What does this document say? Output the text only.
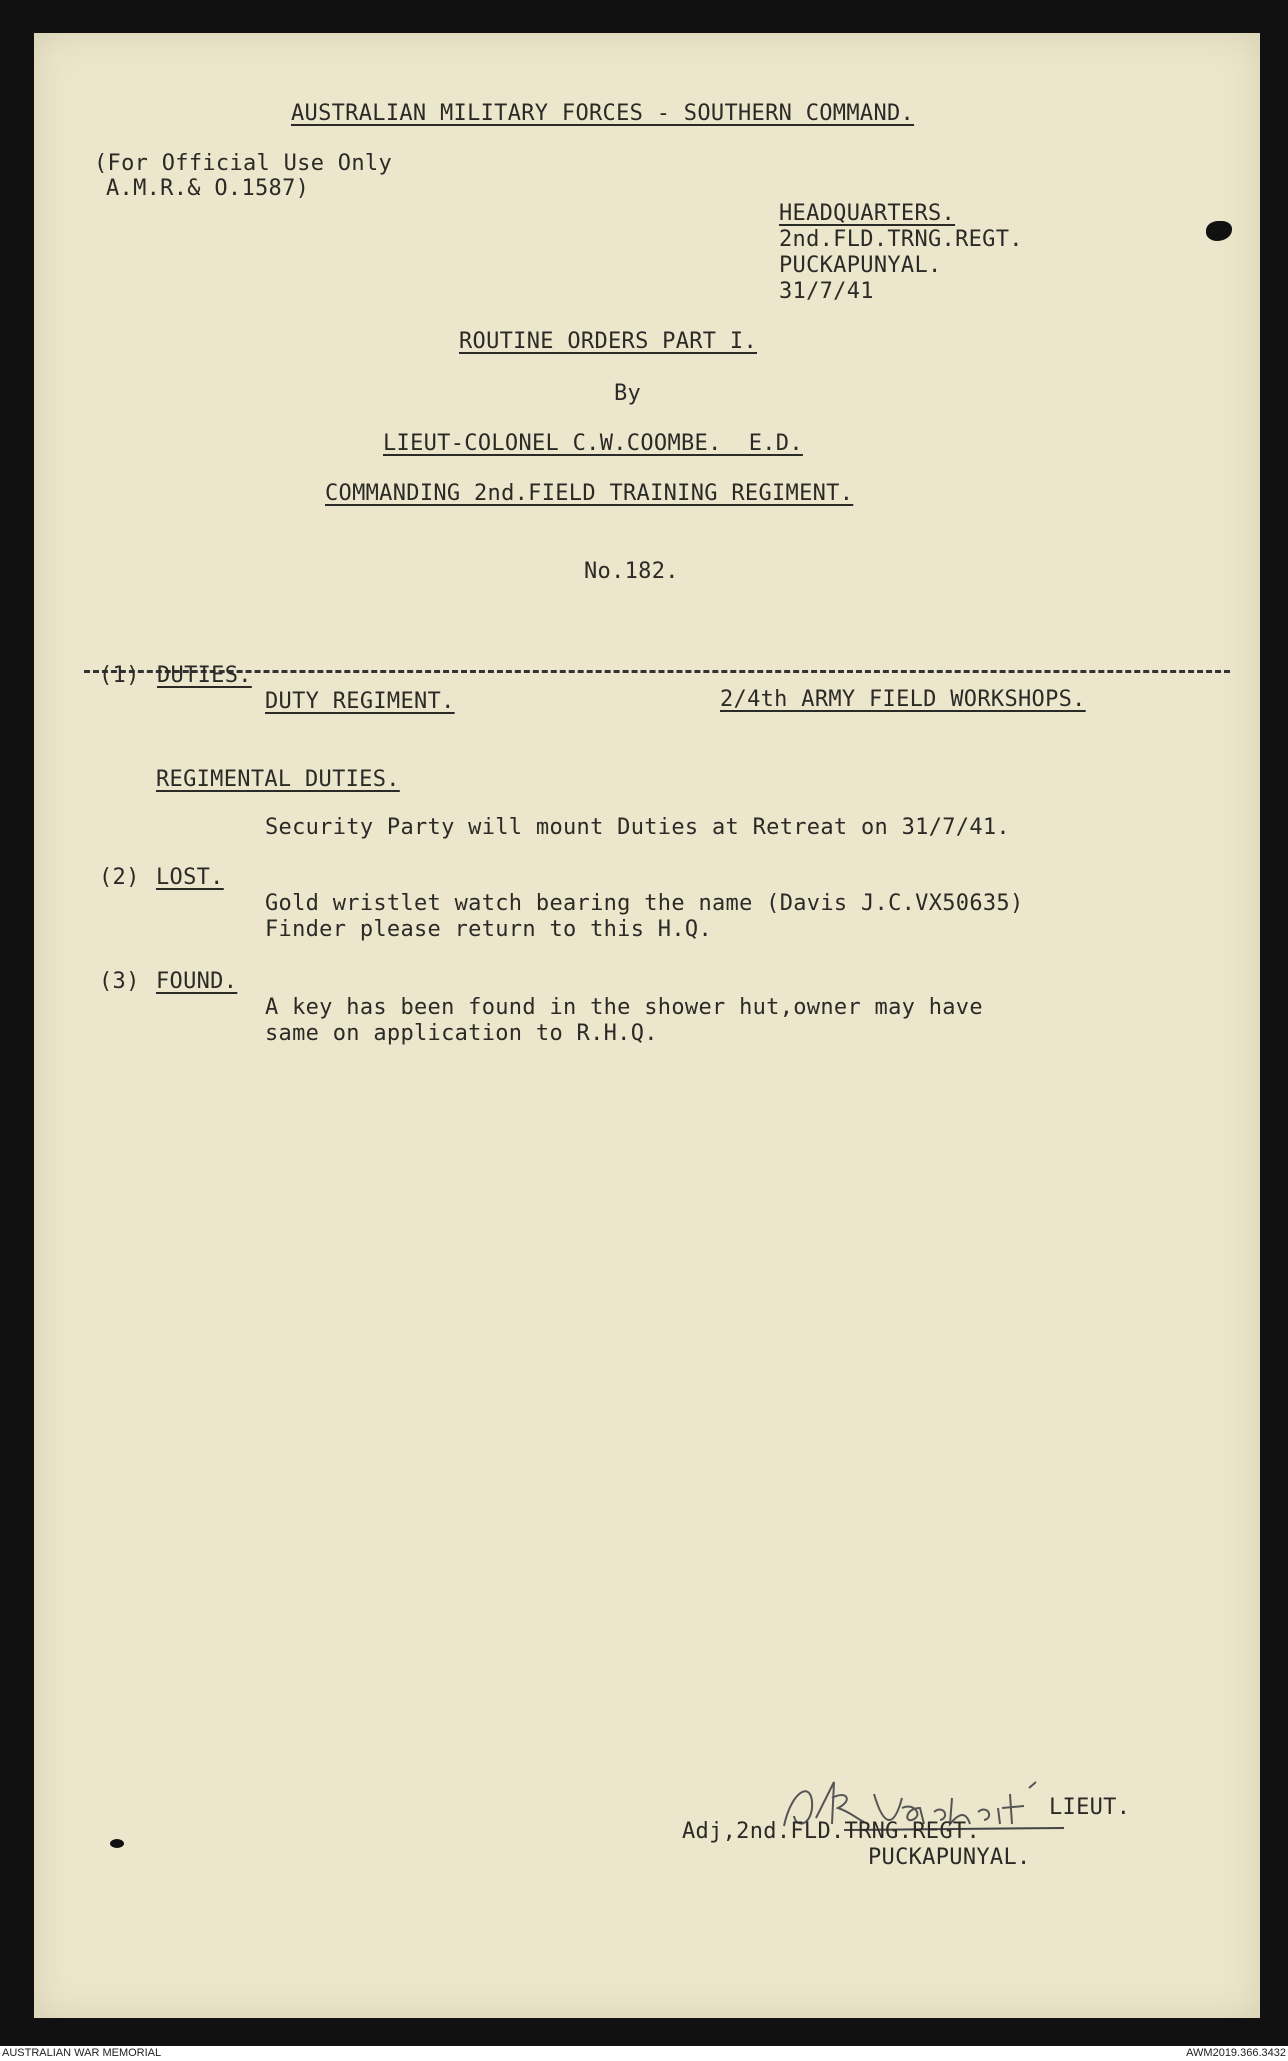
AUSTRALIAN MILITARY FORCES - SOUTHERN COMMAND.
(For Official Use Only
A.M.R.& O.1587)
HEADQUARTERS.
2nd.FLD.TRNG.REGT.
PUCKAPUNYAL.
31/7/41
ROUTINE ORDERS PART I.
By
LIEUT-COLONEL C.W.COOMBE.  E.D.
COMMANDING 2nd.FIELD TRAINING REGIMENT.
No.182.
(1) DUTIES.
DUTY REGIMENT.	2/4th ARMY FIELD WORKSHOPS.
REGIMENTAL DUTIES.
Security Party will mount Duties at Retreat on 31/7/41.
(2) LOST.
Gold wristlet watch bearing the name (Davis J.C.VX50635)
Finder please return to this H.Q.
(3) FOUND.
A key has been found in the shower hut,owner may have
same on application to R.H.Q.
LIEUT.
Adj,2nd.FLD.TRNG.REGT.
PUCKAPUNYAL.
AUSTRALIAN WAR MEMORIAL	AWM2019.366.3432
